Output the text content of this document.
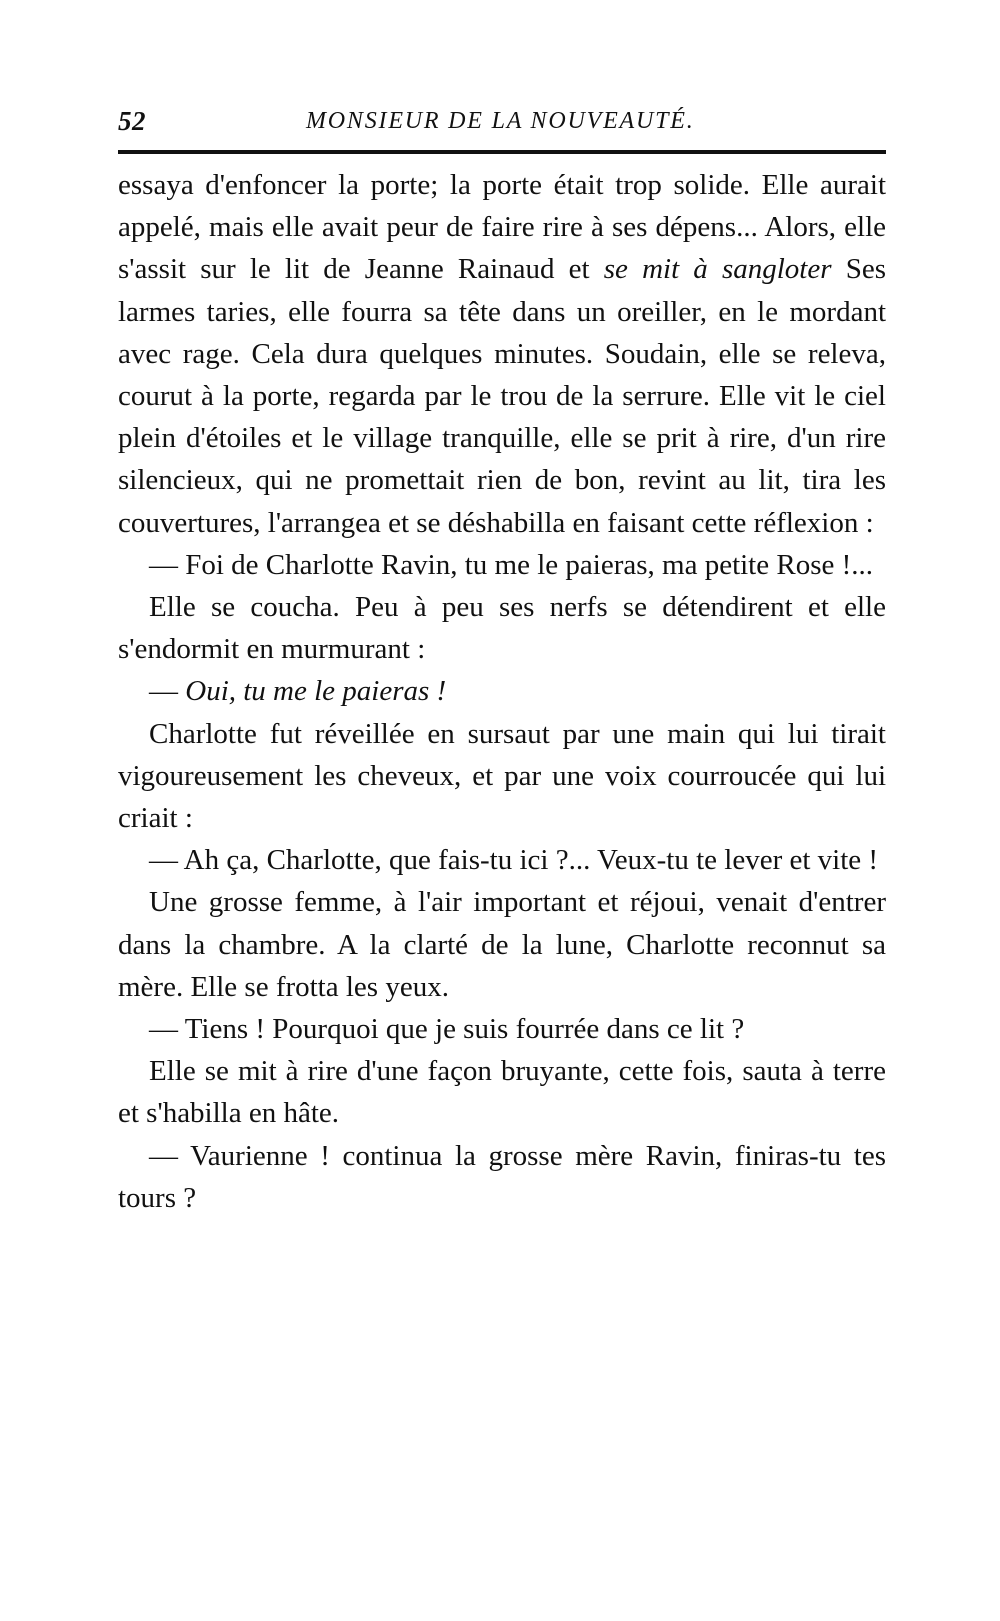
52	MONSIEUR DE LA NOUVEAUTÉ.

essaya d'enfoncer la porte; la porte était trop solide. Elle aurait appelé, mais elle avait peur de faire rire à ses dépens... Alors, elle s'assit sur le lit de Jeanne Rainaud et se mit à sangloter Ses larmes taries, elle fourra sa tête dans un oreiller, en le mordant avec rage. Cela dura quelques minutes. Soudain, elle se releva, courut à la porte, regarda par le trou de la serrure. Elle vit le ciel plein d'étoiles et le village tranquille, elle se prit à rire, d'un rire silencieux, qui ne promettait rien de bon, revint au lit, tira les couvertures, l'arrangea et se déshabilla en faisant cette réflexion :

— Foi de Charlotte Ravin, tu me le paieras, ma petite Rose !...

Elle se coucha. Peu à peu ses nerfs se détendirent et elle s'endormit en murmurant :

— Oui, tu me le paieras !

Charlotte fut réveillée en sursaut par une main qui lui tirait vigoureusement les cheveux, et par une voix courroucée qui lui criait :

— Ah ça, Charlotte, que fais-tu ici ?... Veux-tu te lever et vite !

Une grosse femme, à l'air important et réjoui, venait d'entrer dans la chambre. A la clarté de la lune, Charlotte reconnut sa mère. Elle se frotta les yeux.

— Tiens ! Pourquoi que je suis fourrée dans ce lit ?

Elle se mit à rire d'une façon bruyante, cette fois, sauta à terre et s'habilla en hâte.

— Vaurienne ! continua la grosse mère Ravin, finiras-tu tes tours ?
